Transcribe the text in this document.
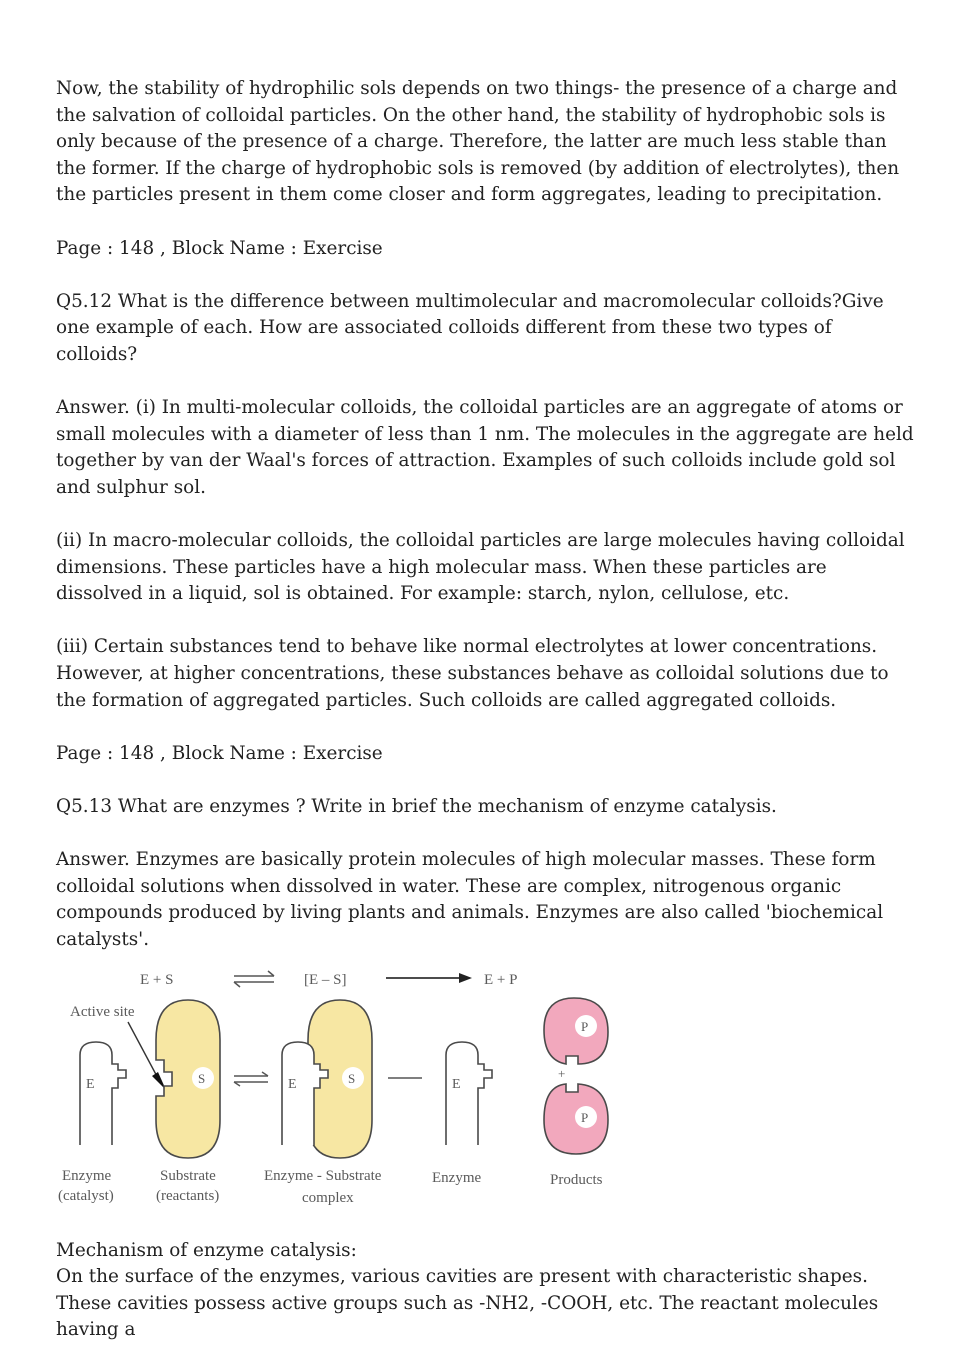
Now, the stability of hydrophilic sols depends on two things- the presence of a charge and the salvation of colloidal particles. On the other hand, the stability of hydrophobic sols is only because of the presence of a charge. Therefore, the latter are much less stable than the former. If the charge of hydrophobic sols is removed (by addition of electrolytes), then the particles present in them come closer and form aggregates, leading to precipitation.

Page : 148 , Block Name : Exercise

Q5.12 What is the difference between multimolecular and macromolecular colloids?Give one example of each. How are associated colloids different from these two types of colloids?

Answer. (i) In multi-molecular colloids, the colloidal particles are an aggregate of atoms or small molecules with a diameter of less than 1 nm. The molecules in the aggregate are held together by van der Waal's forces of attraction. Examples of such colloids include gold sol and sulphur sol.

(ii) In macro-molecular colloids, the colloidal particles are large molecules having colloidal dimensions. These particles have a high molecular mass. When these particles are dissolved in a liquid, sol is obtained. For example: starch, nylon, cellulose, etc.

(iii) Certain substances tend to behave like normal electrolytes at lower concentrations. However, at higher concentrations, these substances behave as colloidal solutions due to the formation of aggregated particles. Such colloids are called aggregated colloids.

Page : 148 , Block Name : Exercise

Q5.13 What are enzymes ? Write in brief the mechanism of enzyme catalysis.

Answer. Enzymes are basically protein molecules of high molecular masses. These form colloidal solutions when dissolved in water. These are complex, nitrogenous organic compounds produced by living plants and animals. Enzymes are also called 'biochemical catalysts'.

E + S	[E – S]	E + P
Active site
E	S	E	S	E
P
+
P
Enzyme
(catalyst)
Substrate
(reactants)
Enzyme - Substrate
complex
Enzyme	Products

Mechanism of enzyme catalysis:

On the surface of the enzymes, various cavities are present with characteristic shapes.

These cavities possess active groups such as -NH2, -COOH, etc. The reactant molecules having a
